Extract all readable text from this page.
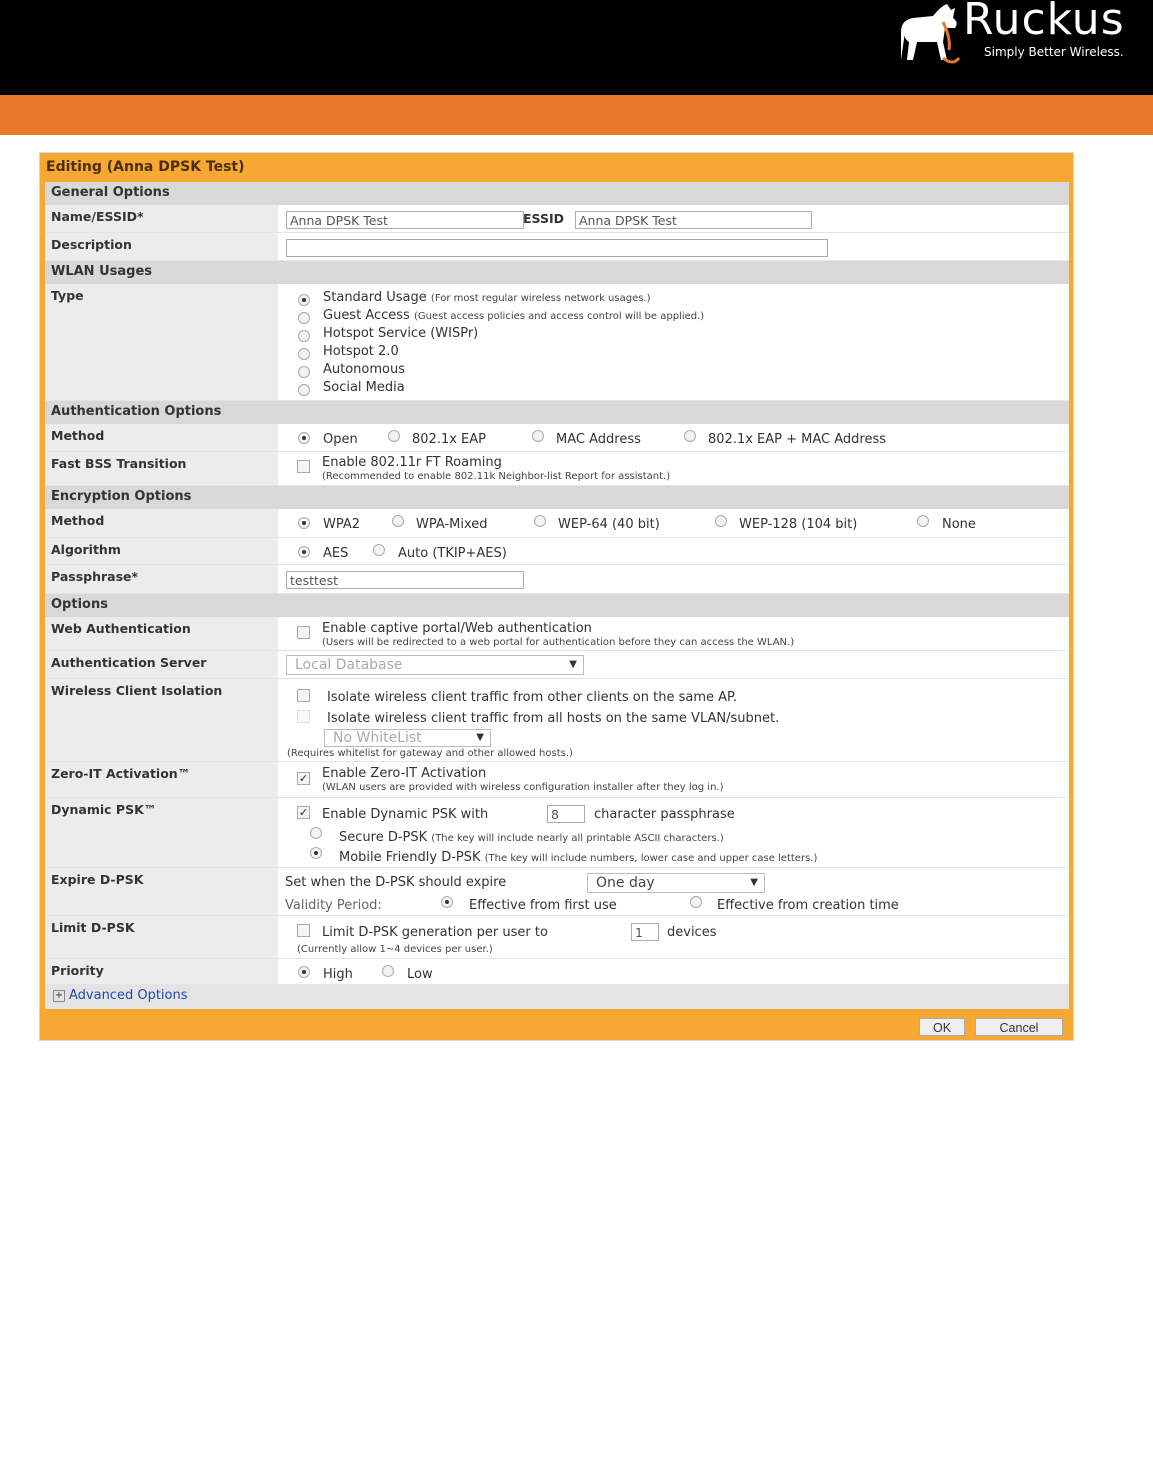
Ruckus
Simply Better Wireless.
Editing (Anna DPSK Test)
General Options
Name/ESSID*	Anna DPSK Test	ESSID	Anna DPSK Test
Description
WLAN Usages
Type	Standard Usage (For most regular wireless network usages.)
Guest Access (Guest access policies and access control will be applied.)
Hotspot Service (WISPr)
Hotspot 2.0
Autonomous
Social Media
Authentication Options
Method	Open	802.1x EAP	MAC Address	802.1x EAP + MAC Address
Fast BSS Transition	Enable 802.11r FT Roaming
(Recommended to enable 802.11k Neighbor-list Report for assistant.)
Encryption Options
Method	WPA2	WPA-Mixed	WEP-64 (40 bit)	WEP-128 (104 bit)	None
Algorithm	AES	Auto (TKIP+AES)
Passphrase*	testtest
Options
Web Authentication	Enable captive portal/Web authentication
(Users will be redirected to a web portal for authentication before they can access the WLAN.)
Authentication Server	Local Database	▼
Wireless Client Isolation	Isolate wireless client traffic from other clients on the same AP.
Isolate wireless client traffic from all hosts on the same VLAN/subnet.
No WhiteList	▼
(Requires whitelist for gateway and other allowed hosts.)
Zero-IT Activation™	✓ Enable Zero-IT Activation
(WLAN users are provided with wireless configuration installer after they log in.)
Dynamic PSK™	✓ Enable Dynamic PSK with	8	character passphrase
Secure D-PSK (The key will include nearly all printable ASCII characters.)
Mobile Friendly D-PSK (The key will include numbers, lower case and upper case letters.)
Expire D-PSK	Set when the D-PSK should expire	One day	▼
Validity Period:	Effective from first use	Effective from creation time
Limit D-PSK	Limit D-PSK generation per user to	1	devices
(Currently allow 1~4 devices per user.)
Priority	High	Low
+ Advanced Options
OK	Cancel
